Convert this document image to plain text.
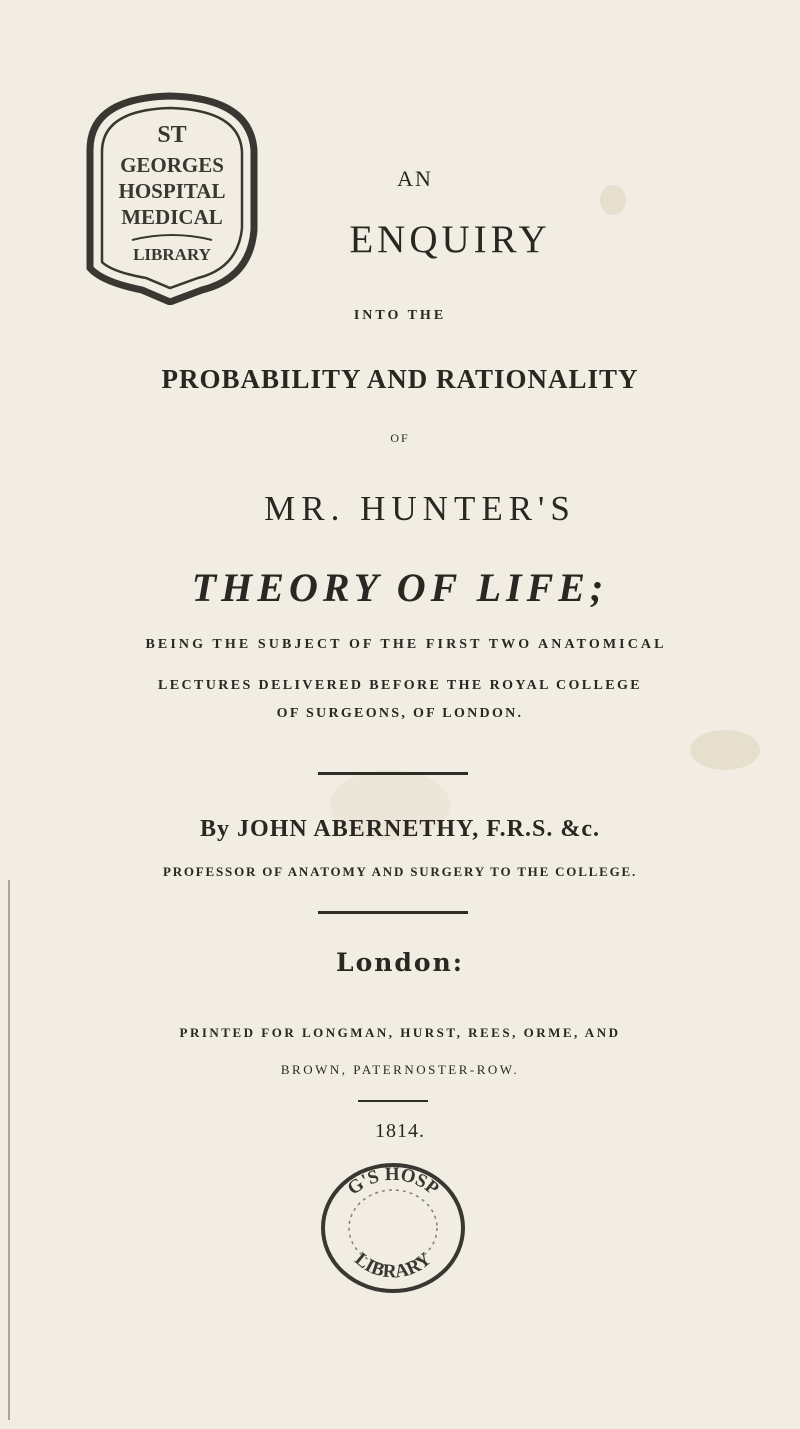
ST
GEORGES
HOSPITAL
MEDICAL
LIBRARY
AN
ENQUIRY
INTO THE
PROBABILITY AND RATIONALITY
OF
MR. HUNTER'S
THEORY OF LIFE;
BEING THE SUBJECT OF THE FIRST TWO ANATOMICAL
LECTURES DELIVERED BEFORE THE ROYAL COLLEGE
OF SURGEONS, OF LONDON.
By JOHN ABERNETHY, F.R.S. &c.
PROFESSOR OF ANATOMY AND SURGERY TO THE COLLEGE.
London:
PRINTED FOR LONGMAN, HURST, REES, ORME, AND
BROWN, PATERNOSTER-ROW.
1814.
G'S HOSP
LIBRARY
